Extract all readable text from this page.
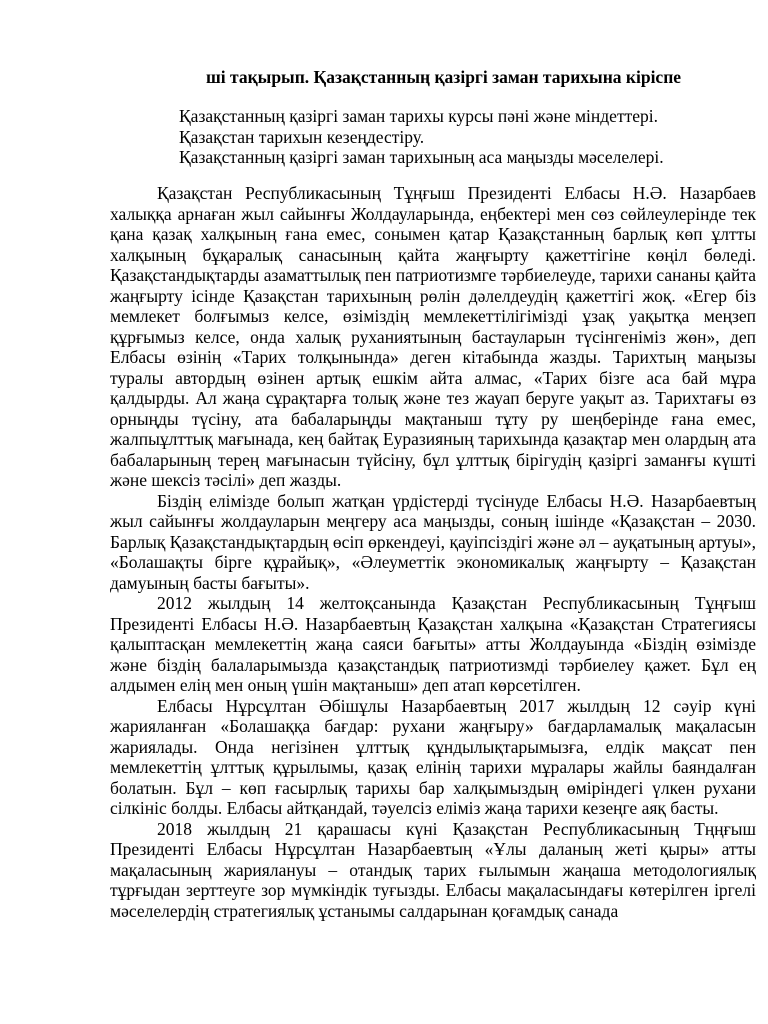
ші тақырып. Қазақстанның қазіргі заман тарихына кіріспе
Қазақстанның қазіргі заман тарихы курсы пәні және міндеттері.
Қазақстан тарихын кезеңдестіру.
Қазақстанның қазіргі заман тарихының аса маңызды мәселелері.

Қазақстан Республикасының Тұңғыш Президенті Елбасы Н.Ә. Назарбаев халыққа арнаған жыл сайынғы Жолдауларында, еңбектері мен сөз сөйлеулерінде тек қана қазақ халқының ғана емес, сонымен қатар Қазақстанның барлық көп ұлтты халқының бұқаралық санасының қайта жаңғырту қажеттігіне көңіл бөледі. Қазақстандықтарды азаматтылық пен патриотизмге тәрбиелеуде, тарихи сананы қайта жаңғырту ісінде Қазақстан тарихының рөлін дәлелдеудің қажеттігі жоқ. «Егер біз мемлекет болғымыз келсе, өзіміздің мемлекеттілігімізді ұзақ уақытқа меңзеп құрғымыз келсе, онда халық руханиятының бастауларын түсінгеніміз жөн», деп Елбасы өзінің «Тарих толқынында» деген кітабында жазды. Тарихтың маңызы туралы автордың өзінен артық ешкім айта алмас, «Тарих бізге аса бай мұра қалдырды. Ал жаңа сұрақтарға толық және тез жауап беруге уақыт аз. Тарихтағы өз орныңды түсіну, ата бабаларыңды мақтаныш тұту ру шеңберінде ғана емес, жалпыұлттық мағынада, кең байтақ Еуразияның тарихында қазақтар мен олардың ата бабаларының терең мағынасын түйсіну, бұл ұлттық бірігудің қазіргі заманғы күшті және шексіз тәсілі» деп жазды.

Біздің елімізде болып жатқан үрдістерді түсінуде Елбасы Н.Ә. Назарбаевтың жыл сайынғы жолдауларын меңгеру аса маңызды, соның ішінде «Қазақстан – 2030. Барлық Қазақстандықтардың өсіп өркендеуі, қауіпсіздігі және әл – ауқатының артуы», «Болашақты бірге құрайық», «Әлеуметтік экономикалық жаңғырту – Қазақстан дамуының басты бағыты».

2012 жылдың 14 желтоқсанында Қазақстан Республикасының Тұңғыш Президенті Елбасы Н.Ә. Назарбаевтың Қазақстан халқына «Қазақстан Стратегиясы қалыптасқан мемлекеттің жаңа саяси бағыты» атты Жолдауында «Біздің өзімізде және біздің балаларымызда қазақстандық патриотизмді тәрбиелеу қажет. Бұл ең алдымен елің мен оның үшін мақтаныш» деп атап көрсетілген.

Елбасы Нұрсұлтан Әбішұлы Назарбаевтың 2017 жылдың 12 сәуір күні жарияланған «Болашаққа бағдар: рухани жаңғыру» бағдарламалық мақаласын жариялады. Онда негізінен ұлттық құндылықтарымызға, елдік мақсат пен мемлекеттің ұлттық құрылымы, қазақ елінің тарихи мұралары жайлы баяндалған болатын. Бұл – көп ғасырлық тарихы бар халқымыздың өміріндегі үлкен рухани сілкініс болды. Елбасы айтқандай, тәуелсіз еліміз жаңа тарихи кезеңге аяқ басты.

2018 жылдың 21 қарашасы күні Қазақстан Республикасының Тңңғыш Президенті Елбасы Нұрсұлтан Назарбаевтың «Ұлы даланың жеті қыры» атты мақаласының жариялануы – отандық тарих ғылымын жаңаша методологиялық тұрғыдан зерттеуге зор мүмкіндік туғызды. Елбасы мақаласындағы көтерілген іргелі мәселелердің стратегиялық ұстанымы салдарынан қоғамдық санада
